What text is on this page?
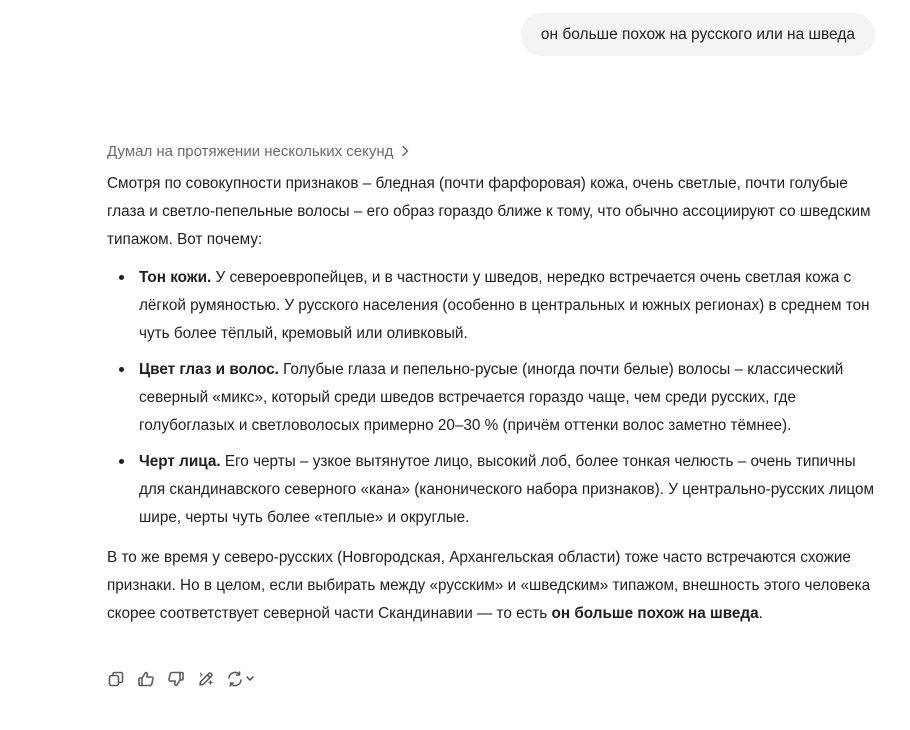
он больше похож на русского или на шведа
Думал на протяжении нескольких секунд

Смотря по совокупности признаков – бледная (почти фарфоровая) кожа, очень светлые, почти голубые глаза и светло-пепельные волосы – его образ гораздо ближе к тому, что обычно ассоциируют со шведским типажом. Вот почему:

Тон кожи. У североевропейцев, и в частности у шведов, нередко встречается очень светлая кожа с лёгкой румяностью. У русского населения (особенно в центральных и южных регионах) в среднем тон чуть более тёплый, кремовый или оливковый.
Цвет глаз и волос. Голубые глаза и пепельно-русые (иногда почти белые) волосы – классический северный «микс», который среди шведов встречается гораздо чаще, чем среди русских, где голубоглазых и светловолосых примерно 20–30 % (причём оттенки волос заметно тёмнее).
Черт лица. Его черты – узкое вытянутое лицо, высокий лоб, более тонкая челюсть – очень типичны для скандинавского северного «кана» (канонического набора признаков). У центрально-русских лицом шире, черты чуть более «теплые» и округлые.

В то же время у северо-русских (Новгородская, Архангельская области) тоже часто встречаются схожие признаки. Но в целом, если выбирать между «русским» и «шведским» типажом, внешность этого человека скорее соответствует северной части Скандинавии — то есть он больше похож на шведа.
